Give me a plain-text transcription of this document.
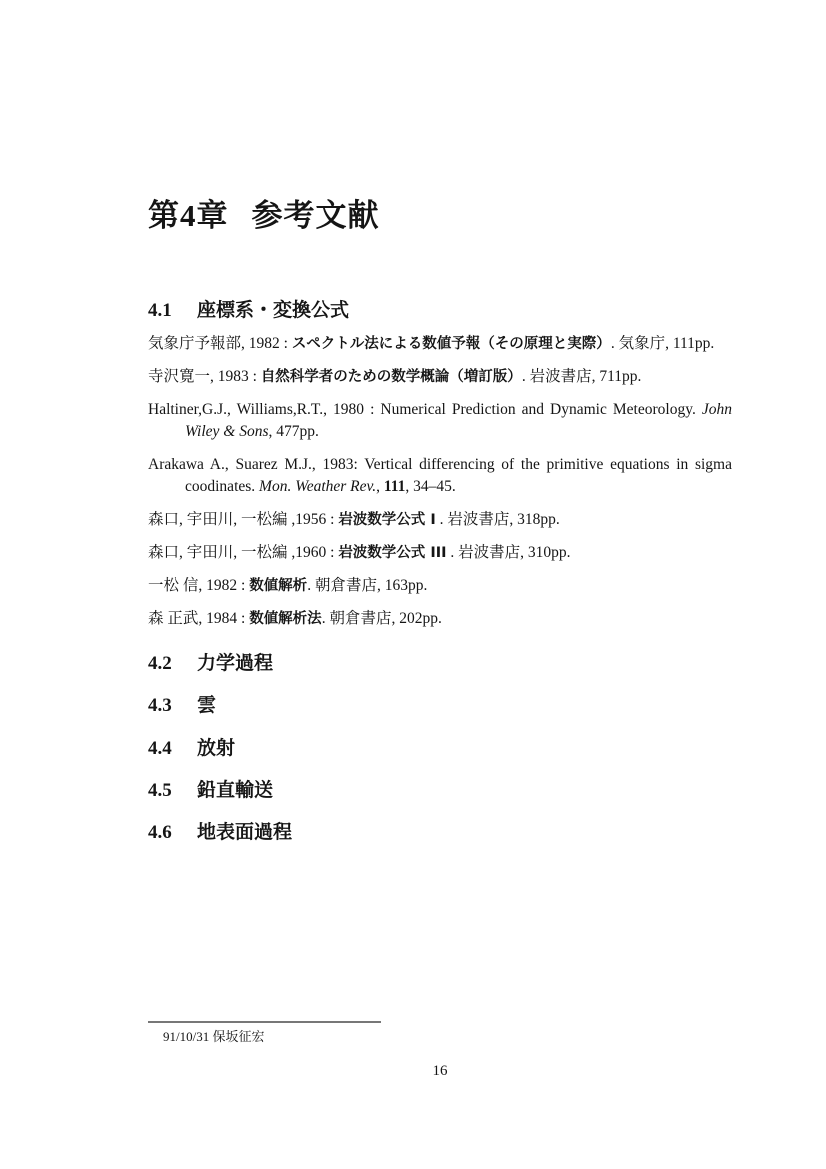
第4章 参考文献
4.1 座標系・変換公式

気象庁予報部, 1982 : スペクトル法による数値予報（その原理と実際）. 気象庁, 111pp.

寺沢寛一, 1983 : 自然科学者のための数学概論（増訂版）. 岩波書店, 711pp.

Haltiner,G.J., Williams,R.T., 1980 : Numerical Prediction and Dynamic Meteorology. John Wiley & Sons, 477pp.

Arakawa A., Suarez M.J., 1983: Vertical differencing of the primitive equations in sigma coodinates. Mon. Weather Rev., 111, 34–45.

森口, 宇田川, 一松編 ,1956 : 岩波数学公式 I . 岩波書店, 318pp.

森口, 宇田川, 一松編 ,1960 : 岩波数学公式 III . 岩波書店, 310pp.

一松 信, 1982 : 数値解析. 朝倉書店, 163pp.

森 正武, 1984 : 数値解析法. 朝倉書店, 202pp.

4.2 力学過程
4.3 雲
4.4 放射
4.5 鉛直輸送
4.6 地表面過程
91/10/31 保坂征宏
16
